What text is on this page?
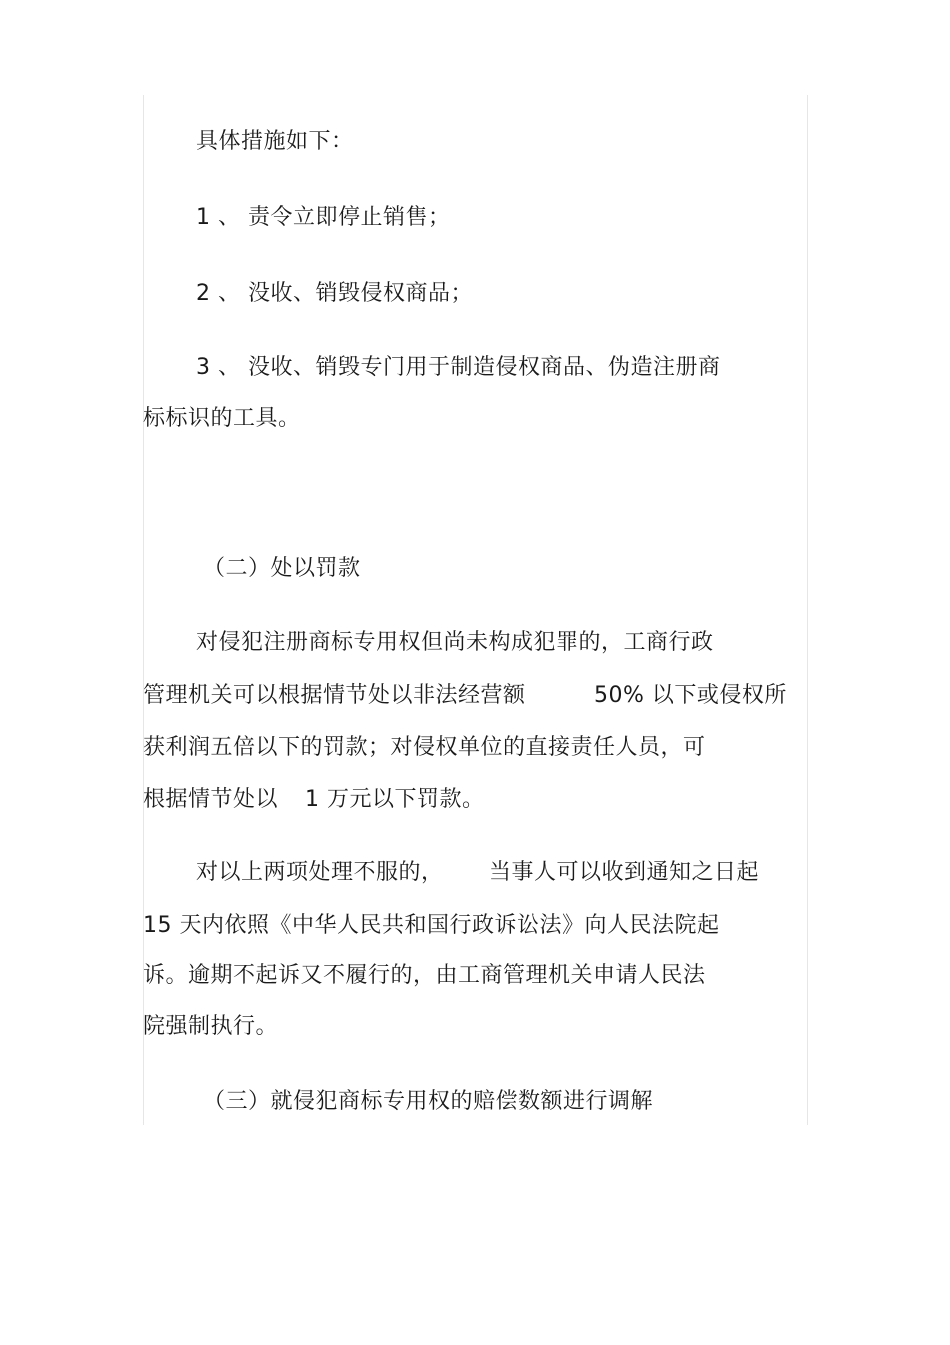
具体措施如下：
1 、 责令立即停止销售；
2 、 没收、销毁侵权商品；
3 、 没收、销毁专门用于制造侵权商品、伪造注册商
标标识的工具。
（二）处以罚款
对侵犯注册商标专用权但尚未构成犯罪的，工商行政
管理机关可以根据情节处以非法经营额	50% 以下或侵权所
获利润五倍以下的罚款；对侵权单位的直接责任人员，可
根据情节处以 1 万元以下罚款。
对以上两项处理不服的， 当事人可以收到通知之日起
15 天内依照《中华人民共和国行政诉讼法》向人民法院起
诉。逾期不起诉又不履行的，由工商管理机关申请人民法
院强制执行。
（三）就侵犯商标专用权的赔偿数额进行调解
